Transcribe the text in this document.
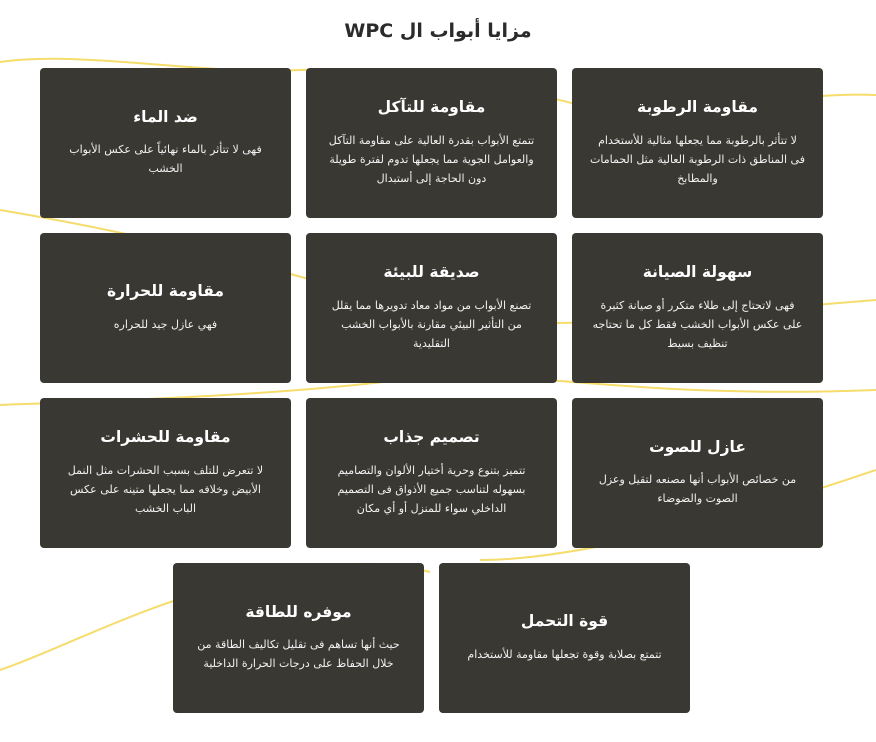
مزايا أبواب ال WPC
مقاومة الرطوبة
لا تتأثر بالرطوبة مما يجعلها مثالية للأستخدام فى المناطق ذات الرطوبة العالية مثل الحمامات والمطابخ
مقاومة للتآكل
تتمتع الأبواب بقدرة العالية على مقاومة التآكل والعوامل الجوية مما يجعلها تدوم لفترة طويلة دون الحاجة إلى أستبدال
ضد الماء
فهى لا تتأثر بالماء نهائياً على عكس الأبواب الخشب
سهولة الصيانة
فهى لاتحتاج إلى طلاء متكرر أو صيانة كثيرة على عكس الأبواب الخشب فقط كل ما تحتاجه تنظيف بسيط
صديقة للبيئة
تصنع الأبواب من مواد معاد تدويرها مما يقلل من التأثير البيئي مقارنة بالأبواب الخشب التقليدية
مقاومة للحرارة
فهي عازل جيد للحراره
عازل للصوت
من خصائص الأبواب أنها مصنعه لتقيل وعزل الصوت والضوضاء
تصميم جذاب
تتميز بتنوع وحرية أختيار الألوان والتصاميم بسهوله لتناسب جميع الأذواق فى التصميم الداخلي سواء للمنزل أو أي مكان
مقاومة للحشرات
لا تتعرض للتلف بسبب الحشرات مثل النمل الأبيض وخلافه مما يجعلها متينه على عكس الباب الخشب
قوة التحمل
تتمتع بصلابة وقوة تجعلها مقاومة للأستخدام
موفره للطاقة
حيث أنها تساهم فى تقليل تكاليف الطاقة من خلال الحفاظ على درجات الحرارة الداخلية
